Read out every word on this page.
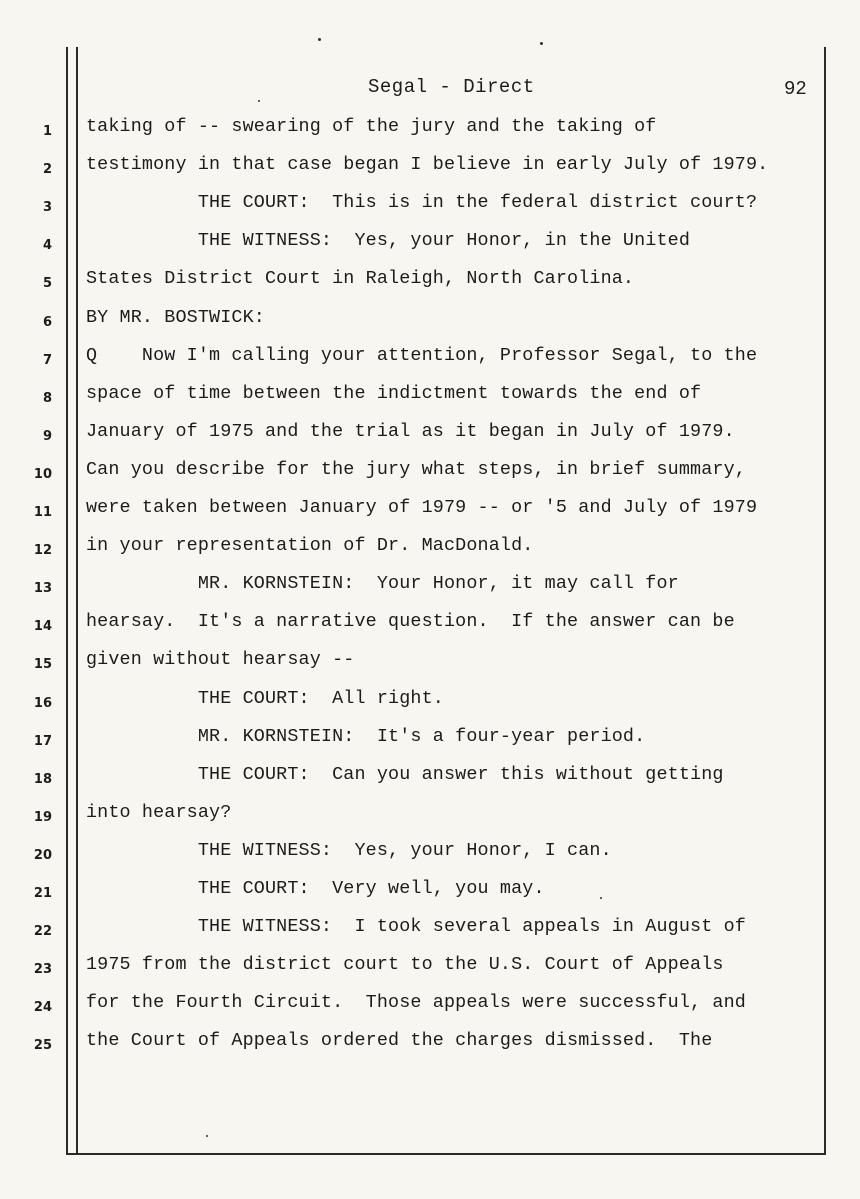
Segal - Direct	92
1 taking of -- swearing of the jury and the taking of
2 testimony in that case began I believe in early July of 1979.
3 THE COURT:  This is in the federal district court?
4 THE WITNESS:  Yes, your Honor, in the United
5 States District Court in Raleigh, North Carolina.
6 BY MR. BOSTWICK:
7 Q    Now I'm calling your attention, Professor Segal, to the
8 space of time between the indictment towards the end of
9 January of 1975 and the trial as it began in July of 1979.
10 Can you describe for the jury what steps, in brief summary,
11 were taken between January of 1979 -- or '5 and July of 1979
12 in your representation of Dr. MacDonald.
13 MR. KORNSTEIN:  Your Honor, it may call for
14 hearsay.  It's a narrative question.  If the answer can be
15 given without hearsay --
16 THE COURT:  All right.
17 MR. KORNSTEIN:  It's a four-year period.
18 THE COURT:  Can you answer this without getting
19 into hearsay?
20 THE WITNESS:  Yes, your Honor, I can.
21 THE COURT:  Very well, you may.
22 THE WITNESS:  I took several appeals in August of
23 1975 from the district court to the U.S. Court of Appeals
24 for the Fourth Circuit.  Those appeals were successful, and
25 the Court of Appeals ordered the charges dismissed.  The
